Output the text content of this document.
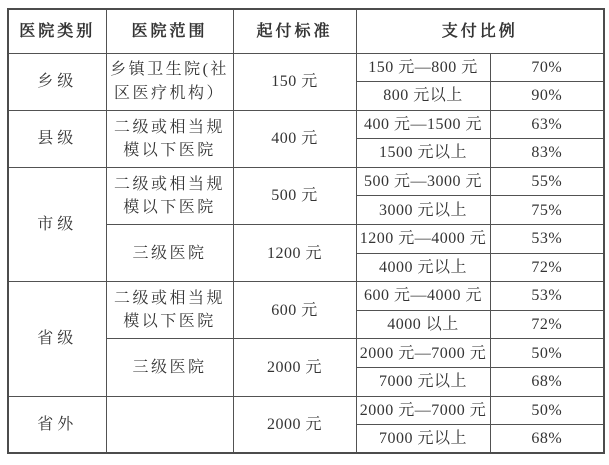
医院类别	医院范围	起付标准	支付比例	
乡级	乡镇卫生院(社区医疗机构）	150 元	150 元—800 元	70%
			800 元以上	90%
县级	二级或相当规模以下医院	400 元	400 元—1500 元	63%
			1500 元以上	83%
市级	二级或相当规模以下医院	500 元	500 元—3000 元	55%
			3000 元以上	75%
	三级医院	1200 元	1200 元—4000 元	53%
			4000 元以上	72%
省级	二级或相当规模以下医院	600 元	600 元—4000 元	53%
			4000 以上	72%
	三级医院	2000 元	2000 元—7000 元	50%
			7000 元以上	68%
省外		2000 元	2000 元—7000 元	50%
			7000 元以上	68%
